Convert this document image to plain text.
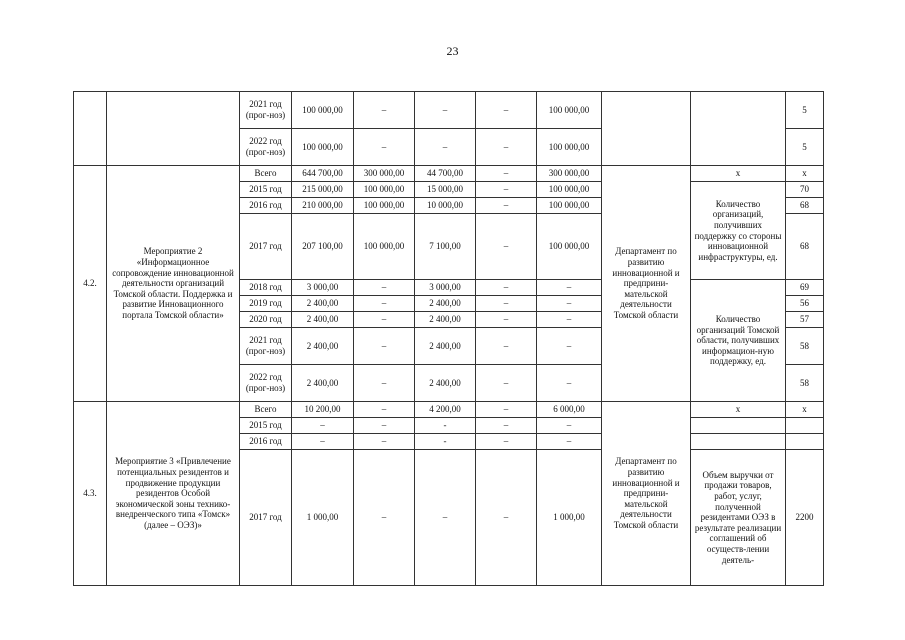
23
		2021 год (прог-ноз)	100 000,00	–	–	–	100 000,00			5
		2022 год (прог-ноз)	100 000,00	–	–	–	100 000,00			5
4.2.	Мероприятие 2 «Информационное сопровождение инновационной деятельности организаций Томской области. Поддержка и развитие Инновационного портала Томской области»	Всего	644 700,00	300 000,00	44 700,00	–	300 000,00	Департамент по развитию инновационной и предприни-мательской деятельности Томской области	х	х
		2015 год	215 000,00	100 000,00	15 000,00	–	100 000,00		Количество организаций, получивших поддержку со стороны инновационной инфраструктуры, ед.	70
		2016 год	210 000,00	100 000,00	10 000,00	–	100 000,00			68
		2017 год	207 100,00	100 000,00	7 100,00	–	100 000,00			68
		2018 год	3 000,00	–	3 000,00	–	–		Количество организаций Томской области, получивших информацион-ную поддержку, ед.	69
		2019 год	2 400,00	–	2 400,00	–	–			56
		2020 год	2 400,00	–	2 400,00	–	–			57
		2021 год (прог-ноз)	2 400,00	–	2 400,00	–	–			58
		2022 год (прог-ноз)	2 400,00	–	2 400,00	–	–			58
4.3.	Мероприятие 3 «Привлечение потенциальных резидентов и продвижение продукции резидентов Особой экономической зоны технико-внедренческого типа «Томск» (далее – ОЭЗ)»	Всего	10 200,00	–	4 200,00	–	6 000,00	Департамент по развитию инновационной и предприни-мательской деятельности Томской области	х	х
		2015 год	–	–	-	–	–			
		2016 год	–	–	-	–	–			
		2017 год	1 000,00	–	–	–	1 000,00		Объем выручки от продажи товаров, работ, услуг, полученной резидентами ОЭЗ в результате реализации соглашений об осуществ-лении деятель-	2200
